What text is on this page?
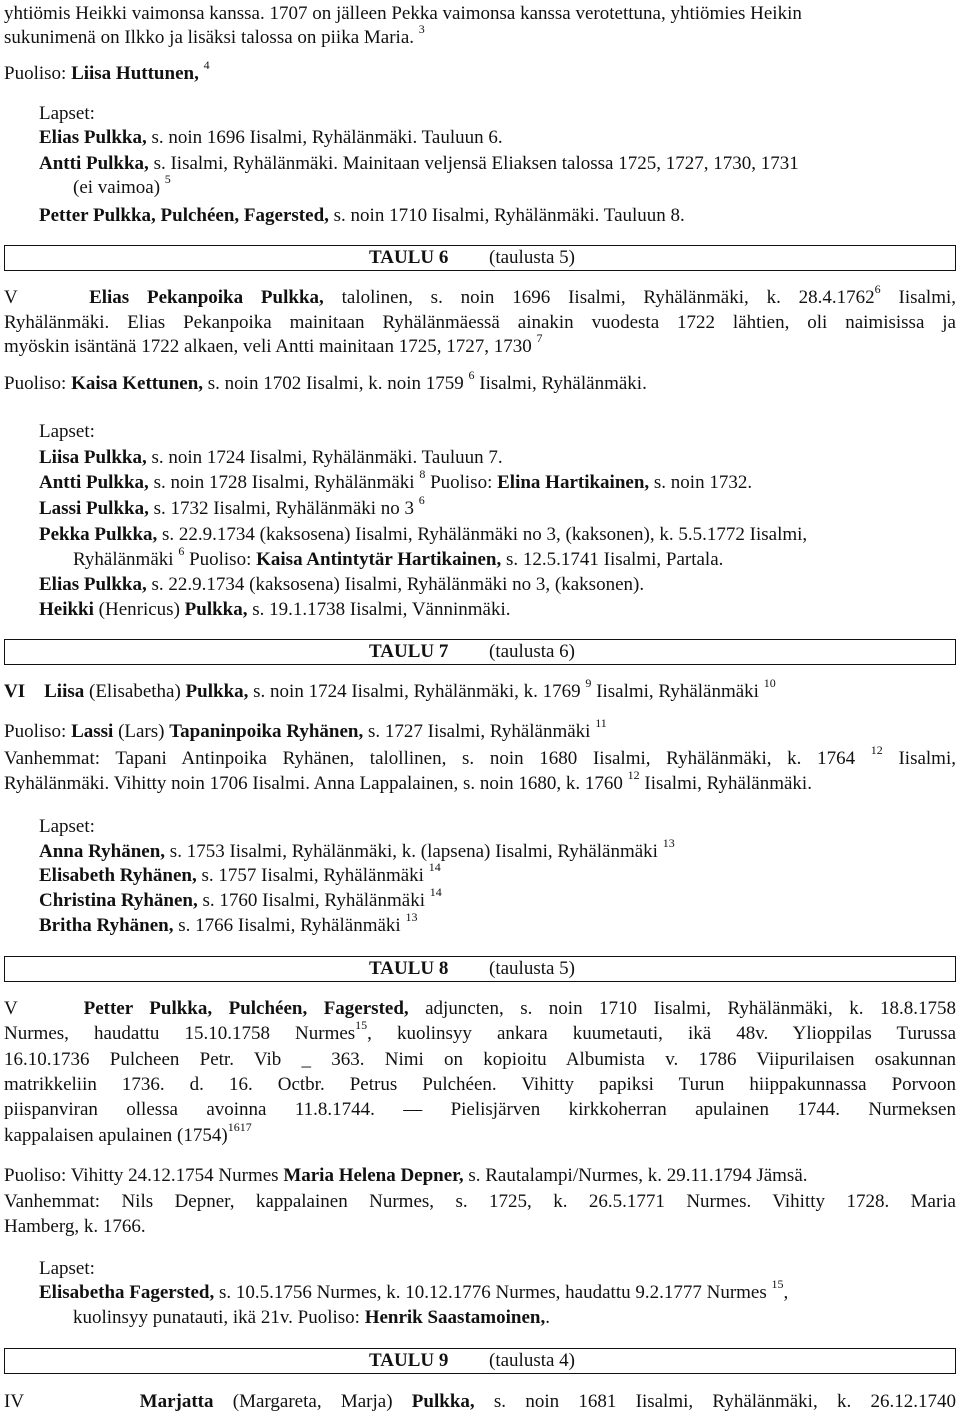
yhtiömis Heikki vaimonsa kanssa. 1707 on jälleen Pekka vaimonsa kanssa verotettuna, yhtiömies Heikin
sukunimenä on Ilkko ja lisäksi talossa on piika Maria. $^3$
Puoliso: Liisa Huttunen, $^4$
Lapset:
Elias Pulkka, s. noin 1696 Iisalmi, Ryhälänmäki. Tauluun 6.
Antti Pulkka, s. Iisalmi, Ryhälänmäki. Mainitaan veljensä Eliaksen talossa 1725, 1727, 1730, 1731
(ei vaimoa) $^5$
Petter Pulkka, Pulchéen, Fagersted, s. noin 1710 Iisalmi, Ryhälänmäki. Tauluun 8.
TAULU 6 (taulusta 5)
V	Elias Pekanpoika Pulkka, talolinen, s. noin 1696 Iisalmi, Ryhälänmäki, k. 28.4.1762$^6$ Iisalmi,
Ryhälänmäki. Elias Pekanpoika mainitaan Ryhälänmäessä ainakin vuodesta 1722 lähtien, oli naimisissa ja
myöskin isäntänä 1722 alkaen, veli Antti mainitaan 1725, 1727, 1730 $^7$
Puoliso: Kaisa Kettunen, s. noin 1702 Iisalmi, k. noin 1759 $^6$ Iisalmi, Ryhälänmäki.
Lapset:
Liisa Pulkka, s. noin 1724 Iisalmi, Ryhälänmäki. Tauluun 7.
Antti Pulkka, s. noin 1728 Iisalmi, Ryhälänmäki $^8$ Puoliso: Elina Hartikainen, s. noin 1732.
Lassi Pulkka, s. 1732 Iisalmi, Ryhälänmäki no 3 $^6$
Pekka Pulkka, s. 22.9.1734 (kaksosena) Iisalmi, Ryhälänmäki no 3, (kaksonen), k. 5.5.1772 Iisalmi,
Ryhälänmäki $^6$ Puoliso: Kaisa Antintytär Hartikainen, s. 12.5.1741 Iisalmi, Partala.
Elias Pulkka, s. 22.9.1734 (kaksosena) Iisalmi, Ryhälänmäki no 3, (kaksonen).
Heikki (Henricus) Pulkka, s. 19.1.1738 Iisalmi, Vänninmäki.
TAULU 7 (taulusta 6)
VI Liisa (Elisabetha) Pulkka, s. noin 1724 Iisalmi, Ryhälänmäki, k. 1769 $^9$ Iisalmi, Ryhälänmäki $^{10}$
Puoliso: Lassi (Lars) Tapaninpoika Ryhänen, s. 1727 Iisalmi, Ryhälänmäki $^{11}$
Vanhemmat: Tapani Antinpoika Ryhänen, talollinen, s. noin 1680 Iisalmi, Ryhälänmäki, k. 1764 $^{12}$ Iisalmi,
Ryhälänmäki. Vihitty noin 1706 Iisalmi. Anna Lappalainen, s. noin 1680, k. 1760 $^{12}$ Iisalmi, Ryhälänmäki.
Lapset:
Anna Ryhänen, s. 1753 Iisalmi, Ryhälänmäki, k. (lapsena) Iisalmi, Ryhälänmäki $^{13}$
Elisabeth Ryhänen, s. 1757 Iisalmi, Ryhälänmäki $^{14}$
Christina Ryhänen, s. 1760 Iisalmi, Ryhälänmäki $^{14}$
Britha Ryhänen, s. 1766 Iisalmi, Ryhälänmäki $^{13}$
TAULU 8 (taulusta 5)
V	Petter Pulkka, Pulchéen, Fagersted, adjuncten, s. noin 1710 Iisalmi, Ryhälänmäki, k. 18.8.1758
Nurmes, haudattu 15.10.1758 Nurmes$^{15}$, kuolinsyy ankara kuumetauti, ikä 48v. Ylioppilas Turussa
16.10.1736 Pulcheen Petr. Vib _ 363. Nimi on kopioitu Albumista v. 1786 Viipurilaisen osakunnan
matrikkeliin 1736. d. 16. Octbr. Petrus Pulchéen. Vihitty papiksi Turun hiippakunnassa Porvoon
piispanviran ollessa avoinna 11.8.1744. — Pielisjärven kirkkoherran apulainen 1744. Nurmeksen
kappalaisen apulainen $(1754)^{1617}$
Puoliso: Vihitty 24.12.1754 Nurmes Maria Helena Depner, s. Rautalampi/Nurmes, k. 29.11.1794 Jämsä.
Vanhemmat: Nils Depner, kappalainen Nurmes, s. 1725, k. 26.5.1771 Nurmes. Vihitty 1728. Maria
Hamberg, k. 1766.
Lapset:
Elisabetha Fagersted, s. 10.5.1756 Nurmes, k. 10.12.1776 Nurmes, haudattu 9.2.1777 Nurmes $^{15}$,
kuolinsyy punatauti, ikä 21v. Puoliso: Henrik Saastamoinen,.
TAULU 9 (taulusta 4)
IV	Marjatta (Margareta, Marja) Pulkka, s. noin 1681 Iisalmi, Ryhälänmäki, k. 26.12.1740
